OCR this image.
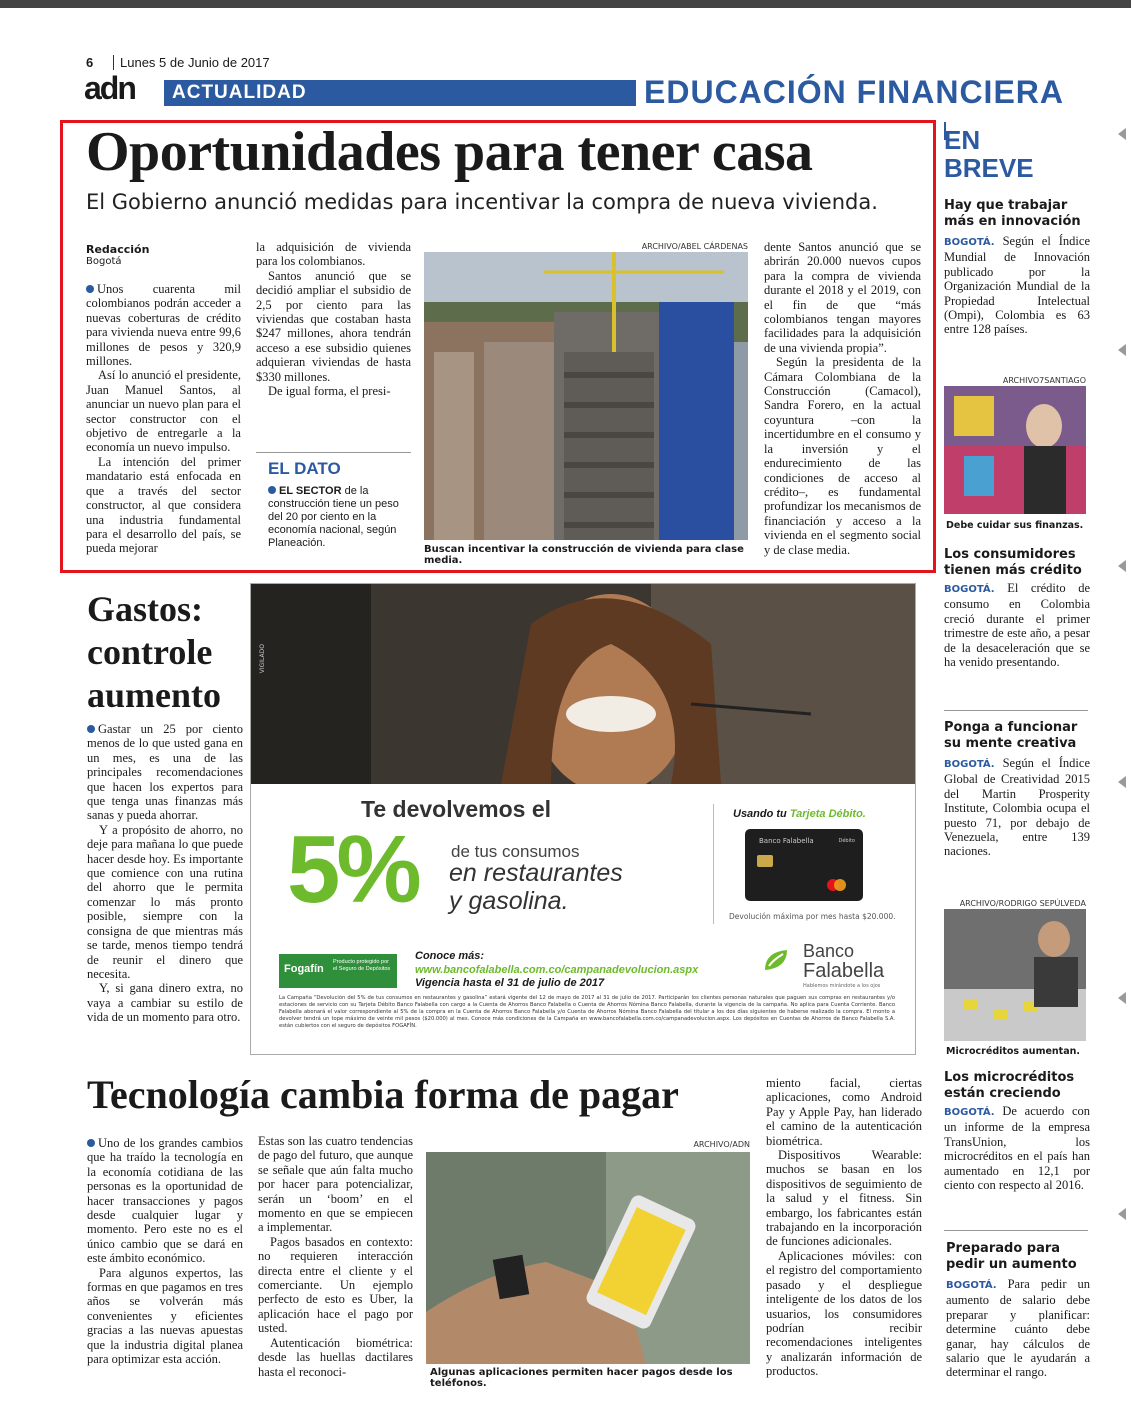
6	Lunes 5 de Junio de 2017
adn	ACTUALIDAD	EDUCACIÓN FINANCIERA
Oportunidades para tener casa
El Gobierno anunció medidas para incentivar la compra de nueva vivienda.
Redacción
Bogotá

Unos cuarenta mil colombianos podrán acceder a nuevas coberturas de crédito para vivienda nueva entre 99,6 millones de pesos y 320,9 millones.

Así lo anunció el presidente, Juan Manuel Santos, al anunciar un nuevo plan para el sector constructor con el objetivo de entregarle a la economía un nuevo impulso.

La intención del primer mandatario está enfocada en que a través del sector constructor, al que considera una industria fundamental para el desarrollo del país, se pueda mejorar

la adquisición de vivienda para los colombianos.

Santos anunció que se decidió ampliar el subsidio de 2,5 por ciento para las viviendas que costaban hasta $247 millones, ahora tendrán acceso a ese subsidio quienes adquieran viviendas de hasta $330 millones.

De igual forma, el presi-

EL DATO
EL SECTOR de la construcción tiene un peso del 20 por ciento en la economía nacional, según Planeación.
ARCHIVO/ABEL CÁRDENAS
Buscan incentivar la construcción de vivienda para clase media.

dente Santos anunció que se abrirán 20.000 nuevos cupos para la compra de vivienda durante el 2018 y el 2019, con el fin de que “más colombianos tengan mayores facilidades para la adquisición de una vivienda propia”.

Según la presidenta de la Cámara Colombiana de la Construcción (Camacol), Sandra Forero, en la actual coyuntura –con la incertidumbre en el consumo y la inversión y el endurecimiento de las condiciones de acceso al crédito–, es fundamental profundizar los mecanismos de financiación y acceso a la vivienda en el segmento social y de clase media.

Gastos: controle aumento

Gastar un 25 por ciento menos de lo que usted gana en un mes, es una de las principales recomendaciones que hacen los expertos para que tenga unas finanzas más sanas y pueda ahorrar.

Y a propósito de ahorro, no deje para mañana lo que puede hacer desde hoy. Es importante que comience con una rutina del ahorro que le permita comenzar lo más pronto posible, siempre con la consigna de que mientras más se tarde, menos tiempo tendrá de reunir el dinero que necesita.

Y, si gana dinero extra, no vaya a cambiar su estilo de vida de un momento para otro.

VIGILADO
Te devolvemos el
5% de tus consumos
en restaurantes
y gasolina.
Usando tu Tarjeta Débito.
Banco Falabella	Débito
Devolución máxima por mes hasta $20.000.
Fogafín
Producto protegido por el Seguro de Depósitos
Conoce más:
www.bancofalabella.com.co/campanadevolucion.aspx
Vigencia hasta el 31 de julio de 2017
Banco
Falabella
Hablemos mirándote a los ojos
La Campaña “Devolución del 5% de tus consumos en restaurantes y gasolina” estará vigente del 12 de mayo de 2017 al 31 de julio de 2017. Participarán los clientes personas naturales que paguen sus compras en restaurantes y/o estaciones de servicio con su Tarjeta Débito Banco Falabella con cargo a la Cuenta de Ahorros Banco Falabella o Cuenta de Ahorros Nómina Banco Falabella, durante la vigencia de la campaña. No aplica para Cuenta Corriente. Banco Falabella abonará el valor correspondiente al 5% de la compra en la Cuenta de Ahorros Banco Falabella y/o Cuenta de Ahorros Nómina Banco Falabella del titular a los dos días siguientes de haberse realizado la compra. El monto a devolver tendrá un tope máximo de veinte mil pesos ($20.000) al mes. Conoce más condiciones de la Campaña en www.bancofalabella.com.co/campanadevolucion.aspx. Los depósitos en Cuentas de Ahorros de Banco Falabella S.A. están cubiertos con el seguro de depósitos FOGAFÍN.
Tecnología cambia forma de pagar

Uno de los grandes cambios que ha traído la tecnología en la economía cotidiana de las personas es la oportunidad de hacer transacciones y pagos desde cualquier lugar y momento. Pero este no es el único cambio que se dará en este ámbito económico.

Para algunos expertos, las formas en que pagamos en tres años se volverán más convenientes y eficientes gracias a las nuevas apuestas que la industria digital planea para optimizar esta acción.

Estas son las cuatro tendencias de pago del futuro, que aunque se señale que aún falta mucho por hacer para potencializar, serán un ‘boom’ en el momento en que se empiecen a implementar.

Pagos basados en contexto: no requieren interacción directa entre el cliente y el comerciante. Un ejemplo perfecto de esto es Uber, la aplicación hace el pago por usted.

Autenticación biométrica: desde las huellas dactilares hasta el reconoci-

ARCHIVO/ADN
Algunas aplicaciones permiten hacer pagos desde los teléfonos.

miento facial, ciertas aplicaciones, como Android Pay y Apple Pay, han liderado el camino de la autenticación biométrica.

Dispositivos Wearable: muchos se basan en los dispositivos de seguimiento de la salud y el fitness. Sin embargo, los fabricantes están trabajando en la incorporación de funciones adicionales.

Aplicaciones móviles: con el registro del comportamiento pasado y el despliegue inteligente de los datos de los usuarios, los consumidores podrían recibir recomendaciones inteligentes y analizarán información de productos.

EN
BREVE
Hay que trabajar más en innovación
BOGOTÁ. Según el Índice Mundial de Innovación publicado por la Organización Mundial de la Propiedad Intelectual (Ompi), Colombia es 63 entre 128 países.
ARCHIVO7SANTIAGO
Debe cuidar sus finanzas.
Los consumidores tienen más crédito
BOGOTÁ. El crédito de consumo en Colombia creció durante el primer trimestre de este año, a pesar de la desaceleración que se ha venido presentando.
Ponga a funcionar su mente creativa
BOGOTÁ. Según el Índice Global de Creatividad 2015 del Martin Prosperity Institute, Colombia ocupa el puesto 71, por debajo de Venezuela, entre 139 naciones.
ARCHIVO/RODRIGO SEPÚLVEDA
Microcréditos aumentan.
Los microcréditos están creciendo
BOGOTÁ. De acuerdo con un informe de la empresa TransUnion, los microcréditos en el país han aumentado en 12,1 por ciento con respecto al 2016.
Preparado para pedir un aumento
BOGOTÁ. Para pedir un aumento de salario debe preparar y planificar: determine cuánto debe ganar, hay cálculos de salario que le ayudarán a determinar el rango.
